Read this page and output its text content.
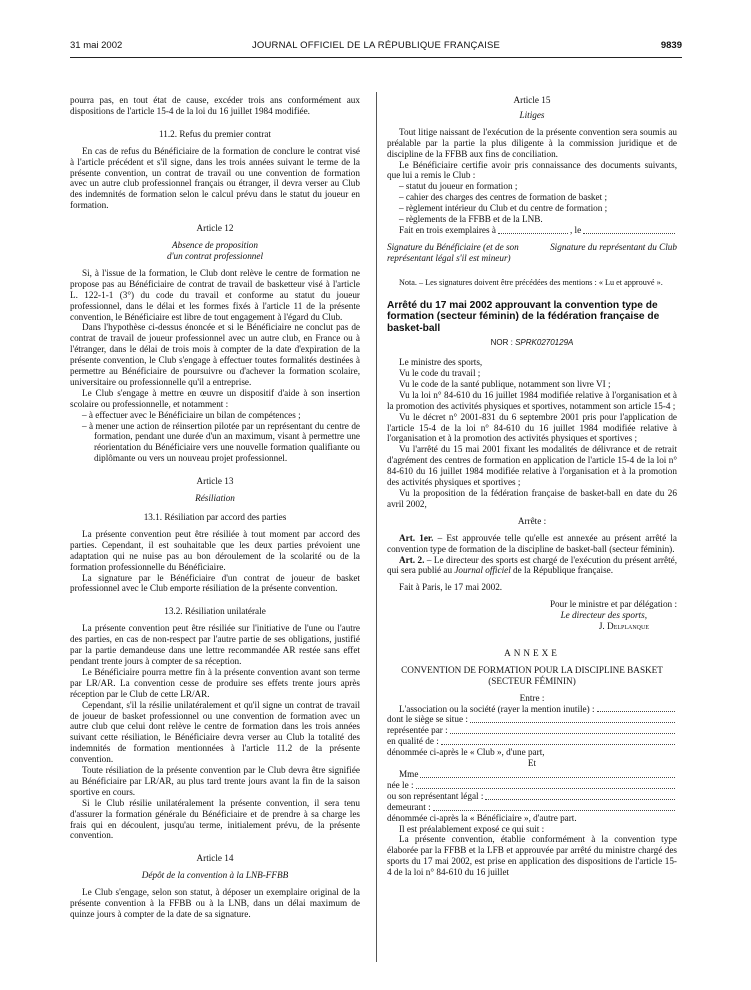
31 mai 2002	JOURNAL OFFICIEL DE LA RÉPUBLIQUE FRANÇAISE	9839

pourra pas, en tout état de cause, excéder trois ans conformément aux dispositions de l'article 15-4 de la loi du 16 juillet 1984 modifiée.

11.2. Refus du premier contrat

En cas de refus du Bénéficiaire de la formation de conclure le contrat visé à l'article précédent et s'il signe, dans les trois années suivant le terme de la présente convention, un contrat de travail ou une convention de formation avec un autre club professionnel français ou étranger, il devra verser au Club des indemnités de formation selon le calcul prévu dans le statut du joueur en formation.

Article 12

Absence de proposition

d'un contrat professionnel

Si, à l'issue de la formation, le Club dont relève le centre de formation ne propose pas au Bénéficiaire de contrat de travail de basketteur visé à l'article L. 122-1-1 (3°) du code du travail et conforme au statut du joueur professionnel, dans le délai et les formes fixés à l'article 11 de la présente convention, le Bénéficiaire est libre de tout engagement à l'égard du Club.

Dans l'hypothèse ci-dessus énoncée et si le Bénéficiaire ne conclut pas de contrat de travail de joueur professionnel avec un autre club, en France ou à l'étranger, dans le délai de trois mois à compter de la date d'expiration de la présente convention, le Club s'engage à effectuer toutes formalités destinées à permettre au Bénéficiaire de poursuivre ou d'achever la formation scolaire, universitaire ou professionnelle qu'il a entreprise.

Le Club s'engage à mettre en œuvre un dispositif d'aide à son insertion scolaire ou professionnelle, et notamment :

– à effectuer avec le Bénéficiaire un bilan de compétences ;
– à mener une action de réinsertion pilotée par un représentant du centre de formation, pendant une durée d'un an maximum, visant à permettre une réorientation du Bénéficiaire vers une nouvelle formation qualifiante ou diplômante ou vers un nouveau projet professionnel.

Article 13

Résiliation

13.1. Résiliation par accord des parties

La présente convention peut être résiliée à tout moment par accord des parties. Cependant, il est souhaitable que les deux parties prévoient une adaptation qui ne nuise pas au bon déroulement de la scolarité ou de la formation professionnelle du Bénéficiaire.

La signature par le Bénéficiaire d'un contrat de joueur de basket professionnel avec le Club emporte résiliation de la présente convention.

13.2. Résiliation unilatérale

La présente convention peut être résiliée sur l'initiative de l'une ou l'autre des parties, en cas de non-respect par l'autre partie de ses obligations, justifié par la partie demandeuse dans une lettre recommandée AR restée sans effet pendant trente jours à compter de sa réception.

Le Bénéficiaire pourra mettre fin à la présente convention avant son terme par LR/AR. La convention cesse de produire ses effets trente jours après réception par le Club de cette LR/AR.

Cependant, s'il la résilie unilatéralement et qu'il signe un contrat de travail de joueur de basket professionnel ou une convention de formation avec un autre club que celui dont relève le centre de formation dans les trois années suivant cette résiliation, le Bénéficiaire devra verser au Club la totalité des indemnités de formation mentionnées à l'article 11.2 de la présente convention.

Toute résiliation de la présente convention par le Club devra être signifiée au Bénéficiaire par LR/AR, au plus tard trente jours avant la fin de la saison sportive en cours.

Si le Club résilie unilatéralement la présente convention, il sera tenu d'assurer la formation générale du Bénéficiaire et de prendre à sa charge les frais qui en découlent, jusqu'au terme, initialement prévu, de la présente convention.

Article 14

Dépôt de la convention à la LNB-FFBB

Le Club s'engage, selon son statut, à déposer un exemplaire original de la présente convention à la FFBB ou à la LNB, dans un délai maximum de quinze jours à compter de la date de sa signature.

Article 15

Litiges

Tout litige naissant de l'exécution de la présente convention sera soumis au préalable par la partie la plus diligente à la commission juridique et de discipline de la FFBB aux fins de conciliation.

Le Bénéficiaire certifie avoir pris connaissance des documents suivants, que lui a remis le Club :

– statut du joueur en formation ;
– cahier des charges des centres de formation de basket ;
– règlement intérieur du Club et du centre de formation ;
– règlements de la FFBB et de la LNB.
Fait en trois exemplaires à	, le
Signature du Bénéficiaire (et de son représentant légal s'il est mineur)
Signature du représentant du Club

Nota. – Les signatures doivent être précédées des mentions : « Lu et approuvé ».

Arrêté du 17 mai 2002 approuvant la convention type de formation (secteur féminin) de la fédération française de basket-ball

NOR : SPRK0270129A

Le ministre des sports,

Vu le code du travail ;

Vu le code de la santé publique, notamment son livre VI ;

Vu la loi n° 84-610 du 16 juillet 1984 modifiée relative à l'organisation et à la promotion des activités physiques et sportives, notamment son article 15-4 ;

Vu le décret n° 2001-831 du 6 septembre 2001 pris pour l'application de l'article 15-4 de la loi n° 84-610 du 16 juillet 1984 modifiée relative à l'organisation et à la promotion des activités physiques et sportives ;

Vu l'arrêté du 15 mai 2001 fixant les modalités de délivrance et de retrait d'agrément des centres de formation en application de l'article 15-4 de la loi n° 84-610 du 16 juillet 1984 modifiée relative à l'organisation et à la promotion des activités physiques et sportives ;

Vu la proposition de la fédération française de basket-ball en date du 26 avril 2002,

Arrête :

Art. 1er. – Est approuvée telle qu'elle est annexée au présent arrêté la convention type de formation de la discipline de basket-ball (secteur féminin).

Art. 2. – Le directeur des sports est chargé de l'exécution du présent arrêté, qui sera publié au Journal officiel de la République française.

Fait à Paris, le 17 mai 2002.

Pour le ministre et par délégation :

Le directeur des sports,

J. Delplanque

ANNEXE

CONVENTION DE FORMATION POUR LA DISCIPLINE BASKET

(SECTEUR FÉMININ)

Entre :

L'association ou la société (rayer la mention inutile) :
dont le siège se situe :
représentée par :
en qualité de :

dénommée ci-après le « Club », d'une part,

Et

Mme
née le :
ou son représentant légal :
demeurant :

dénommée ci-après la « Bénéficiaire », d'autre part.

Il est préalablement exposé ce qui suit :

La présente convention, établie conformément à la convention type élaborée par la FFBB et la LFB et approuvée par arrêté du ministre chargé des sports du 17 mai 2002, est prise en application des dispositions de l'article 15-4 de la loi n° 84-610 du 16 juillet
